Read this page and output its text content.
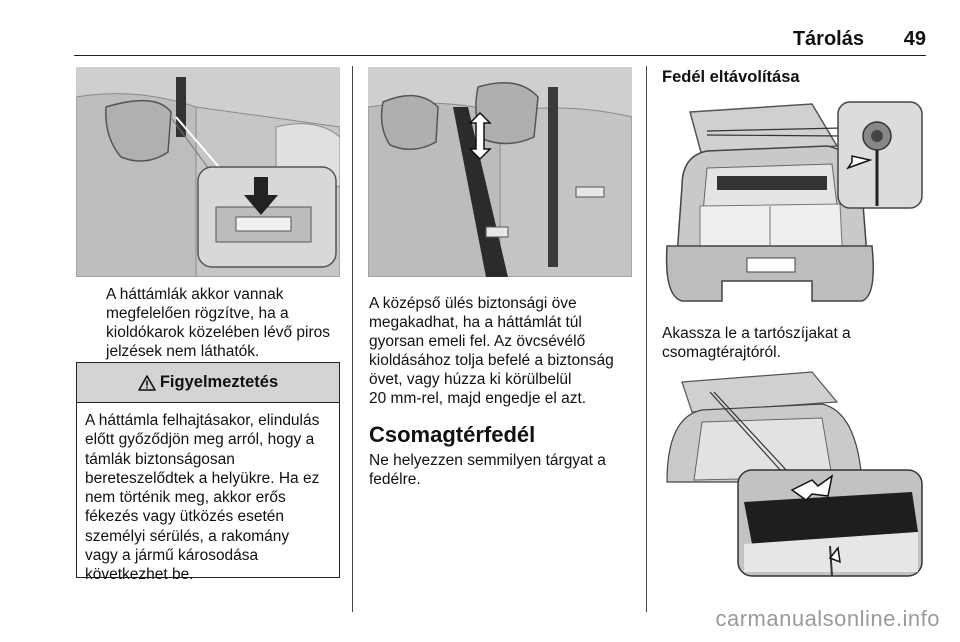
Tárolás 49
A háttámlák akkor vannak
megfelelően rögzítve, ha a
kioldókarok közelében lévő piros
jelzések nem láthatók.
Figyelmeztetés
A háttámla felhajtásakor, elindulás
előtt győződjön meg arról, hogy a
támlák biztonságosan
bereteszelődtek a helyükre. Ha ez
nem történik meg, akkor erős
fékezés vagy ütközés esetén
személyi sérülés, a rakomány
vagy a jármű károsodása
következhet be.
A középső ülés biztonsági öve
megakadhat, ha a háttámlát túl
gyorsan emeli fel. Az övcsévélő
kioldásához tolja befelé a biztonság
övet, vagy húzza ki körülbelül
20 mm-rel, majd engedje el azt.
Csomagtérfedél
Ne helyezzen semmilyen tárgyat a
fedélre.
Fedél eltávolítása
Akassza le a tartószíjakat a
csomagtérajtóról.
carmanualsonline.info
